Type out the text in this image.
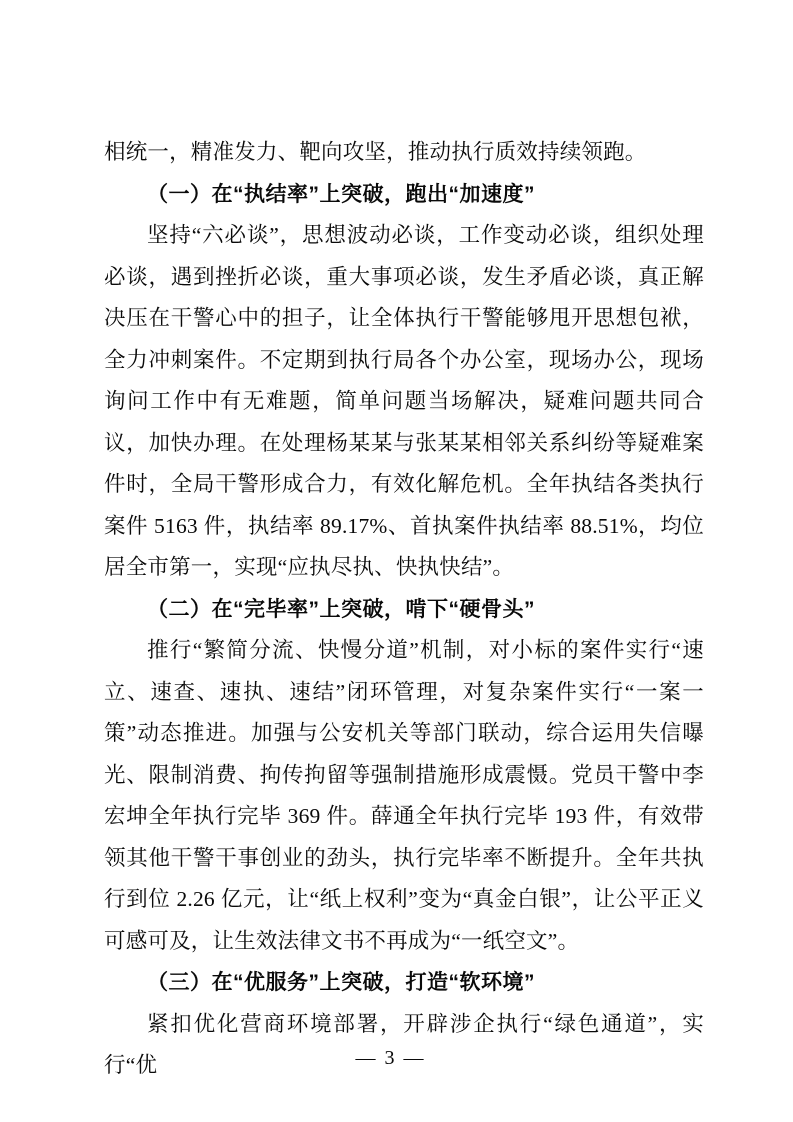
相统一，精准发力、靶向攻坚，推动执行质效持续领跑。

（一）在“执结率”上突破，跑出“加速度”

坚持“六必谈”，思想波动必谈，工作变动必谈，组织处理必谈，遇到挫折必谈，重大事项必谈，发生矛盾必谈，真正解决压在干警心中的担子，让全体执行干警能够甩开思想包袱，全力冲刺案件。不定期到执行局各个办公室，现场办公，现场询问工作中有无难题，简单问题当场解决，疑难问题共同合议，加快办理。在处理杨某某与张某某相邻关系纠纷等疑难案件时，全局干警形成合力，有效化解危机。全年执结各类执行案件 5163 件，执结率 89.17%、首执案件执结率 88.51%，均位居全市第一，实现“应执尽执、快执快结”。

（二）在“完毕率”上突破，啃下“硬骨头”

推行“繁简分流、快慢分道”机制，对小标的案件实行“速立、速查、速执、速结”闭环管理，对复杂案件实行“一案一策”动态推进。加强与公安机关等部门联动，综合运用失信曝光、限制消费、拘传拘留等强制措施形成震慑。党员干警中李宏坤全年执行完毕 369 件。薛通全年执行完毕 193 件，有效带领其他干警干事创业的劲头，执行完毕率不断提升。全年共执行到位 2.26 亿元，让“纸上权利”变为“真金白银”，让公平正义可感可及，让生效法律文书不再成为“一纸空文”。

（三）在“优服务”上突破，打造“软环境”

紧扣优化营商环境部署，开辟涉企执行“绿色通道”，实行“优	— 3 —
